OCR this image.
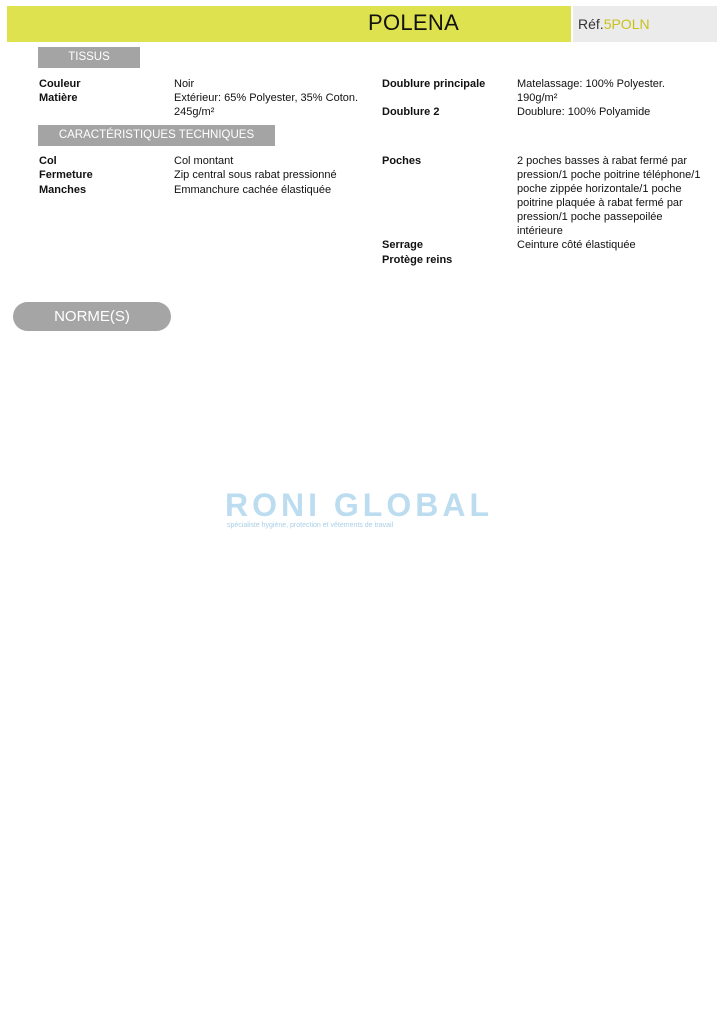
POLENA	Réf.5POLN
TISSUS
Couleur	Noir
Matière	Extérieur: 65% Polyester, 35% Coton. 245g/m²
Doublure principale	Matelassage: 100% Polyester. 190g/m²
Doublure 2	Doublure: 100% Polyamide
CARACTÉRISTIQUES TECHNIQUES
Col	Col montant
Fermeture	Zip central sous rabat pressionné
Manches	Emmanchure cachée élastiquée
Poches	2 poches basses à rabat fermé par pression/1 poche poitrine téléphone/1 poche zippée horizontale/1 poche poitrine plaquée à rabat fermé par pression/1 poche passepoilée intérieure
Serrage	Ceinture côté élastiquée
Protège reins
NORME(S)
RONI GLOBAL
spécialiste hygiène, protection et vêtements de travail
